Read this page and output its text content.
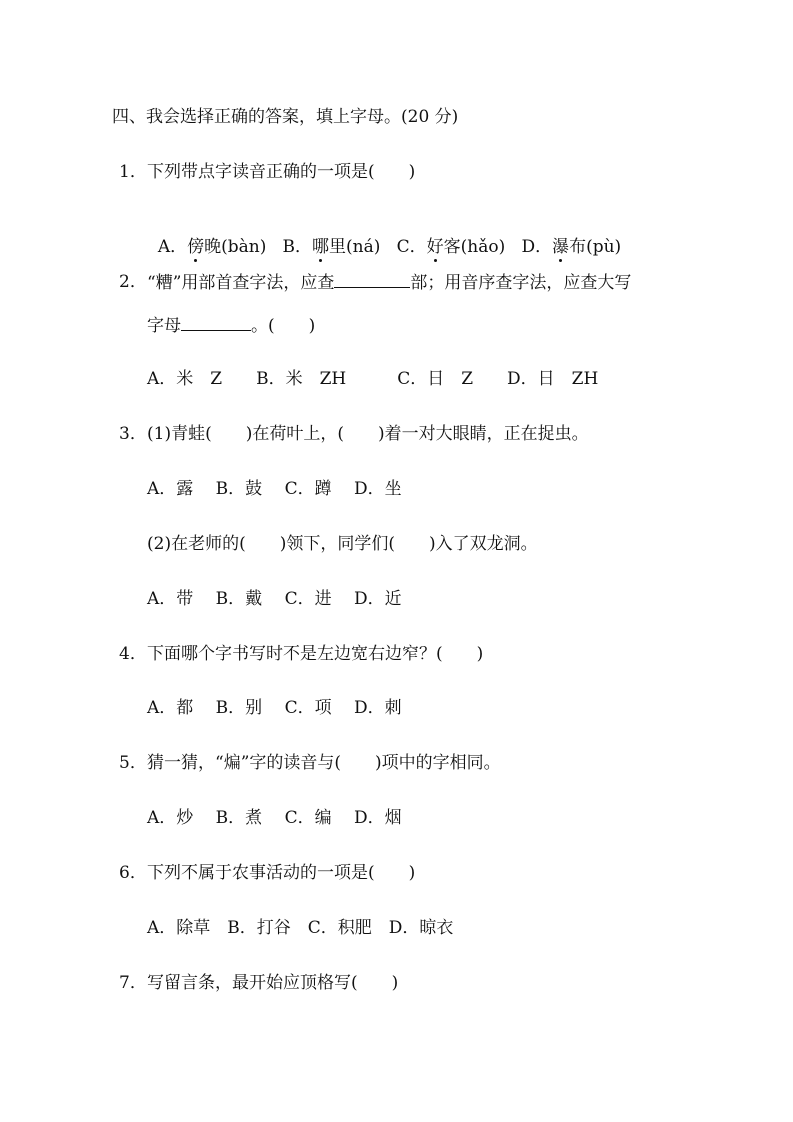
四、我会选择正确的答案，填上字母。(20 分)
1． 下列带点字读音正确的一项是(　　)

A．傍晚(bàn) B．哪里(ná) C．好客(hǎo) D．瀑布(pù)

2． “糟”用部首查字法，应查	部；用音序查字法，应查大写
字母	。(　　)
A．米　Z　　B．米　ZH　　　C．日　Z　　D．日　ZH
3． (1)青蛙(　　)在荷叶上，(　　)着一对大眼睛，正在捉虫。
A．露　 B．鼓　 C．蹲　 D．坐
(2)在老师的(　　)领下，同学们(　　)入了双龙洞。
A．带　 B．戴　 C．进　 D．近
4． 下面哪个字书写时不是左边宽右边窄？(　　)
A．都　 B．别　 C．项　 D．刺
5． 猜一猜，“煸”字的读音与(　　)项中的字相同。
A．炒　 B．煮　 C．编　 D．烟
6． 下列不属于农事活动的一项是(　　)
A．除草　B．打谷　C．积肥　D．晾衣
7． 写留言条，最开始应顶格写(　　)
